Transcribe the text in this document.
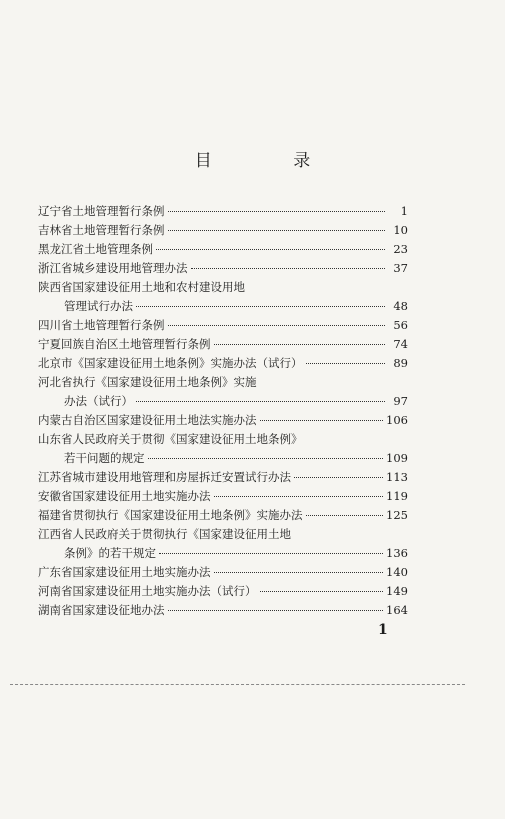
目 录
辽宁省土地管理暂行条例	1
吉林省土地管理暂行条例	10
黑龙江省土地管理条例	23
浙江省城乡建设用地管理办法	37
陕西省国家建设征用土地和农村建设用地
管理试行办法	48
四川省土地管理暂行条例	56
宁夏回族自治区土地管理暂行条例	74
北京市《国家建设征用土地条例》实施办法（试行）	89
河北省执行《国家建设征用土地条例》实施
办法（试行）	97
内蒙古自治区国家建设征用土地法实施办法	106
山东省人民政府关于贯彻《国家建设征用土地条例》
若干问题的规定	109
江苏省城市建设用地管理和房屋拆迁安置试行办法	113
安徽省国家建设征用土地实施办法	119
福建省贯彻执行《国家建设征用土地条例》实施办法	125
江西省人民政府关于贯彻执行《国家建设征用土地
条例》的若干规定	136
广东省国家建设征用土地实施办法	140
河南省国家建设征用土地实施办法（试行）	149
湖南省国家建设征地办法	164
1
